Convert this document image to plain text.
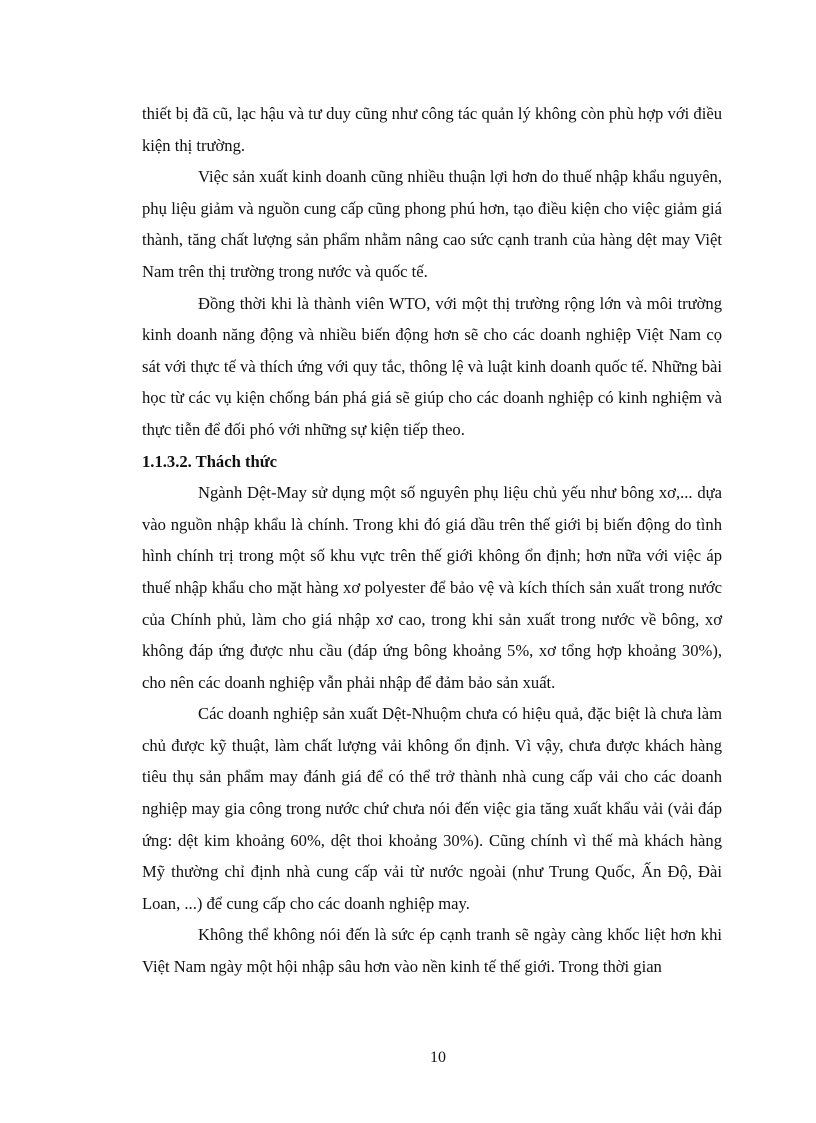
thiết bị đã cũ, lạc hậu và tư duy cũng như công tác quản lý không còn phù hợp với điều kiện thị trường.

Việc sản xuất kinh doanh cũng nhiều thuận lợi hơn do thuế nhập khẩu nguyên, phụ liệu giảm và nguồn cung cấp cũng phong phú hơn, tạo điều kiện cho việc giảm giá thành, tăng chất lượng sản phẩm nhằm nâng cao sức cạnh tranh của hàng dệt may Việt Nam trên thị trường trong nước và quốc tế.

Đồng thời khi là thành viên WTO, với một thị trường rộng lớn và môi trường kinh doanh năng động và nhiều biến động hơn sẽ cho các doanh nghiệp Việt Nam cọ sát với thực tế và thích ứng với quy tắc, thông lệ và luật kinh doanh quốc tế. Những bài học từ các vụ kiện chống bán phá giá sẽ giúp cho các doanh nghiệp có kinh nghiệm và thực tiễn để đối phó với những sự kiện tiếp theo.

1.1.3.2. Thách thức

Ngành Dệt-May sử dụng một số nguyên phụ liệu chủ yếu như bông xơ,... dựa vào nguồn nhập khẩu là chính. Trong khi đó giá dầu trên thế giới bị biến động do tình hình chính trị trong một số khu vực trên thế giới không ổn định; hơn nữa với việc áp thuế nhập khẩu cho mặt hàng xơ polyester để bảo vệ và kích thích sản xuất trong nước của Chính phủ, làm cho giá nhập xơ cao, trong khi sản xuất trong nước về bông, xơ không đáp ứng được nhu cầu (đáp ứng bông khoảng 5%, xơ tổng hợp khoảng 30%), cho nên các doanh nghiệp vẫn phải nhập để đảm bảo sản xuất.

Các doanh nghiệp sản xuất Dệt-Nhuộm chưa có hiệu quả, đặc biệt là chưa làm chủ được kỹ thuật, làm chất lượng vải không ổn định. Vì vậy, chưa được khách hàng tiêu thụ sản phẩm may đánh giá để có thể trở thành nhà cung cấp vải cho các doanh nghiệp may gia công trong nước chứ chưa nói đến việc gia tăng xuất khẩu vải (vải đáp ứng: dệt kim khoảng 60%, dệt thoi khoảng 30%). Cũng chính vì thế mà khách hàng Mỹ thường chỉ định nhà cung cấp vải từ nước ngoài (như Trung Quốc, Ấn Độ, Đài Loan, ...) để cung cấp cho các doanh nghiệp may.

Không thể không nói đến là sức ép cạnh tranh sẽ ngày càng khốc liệt hơn khi Việt Nam ngày một hội nhập sâu hơn vào nền kinh tế thế giới. Trong thời gian

10
